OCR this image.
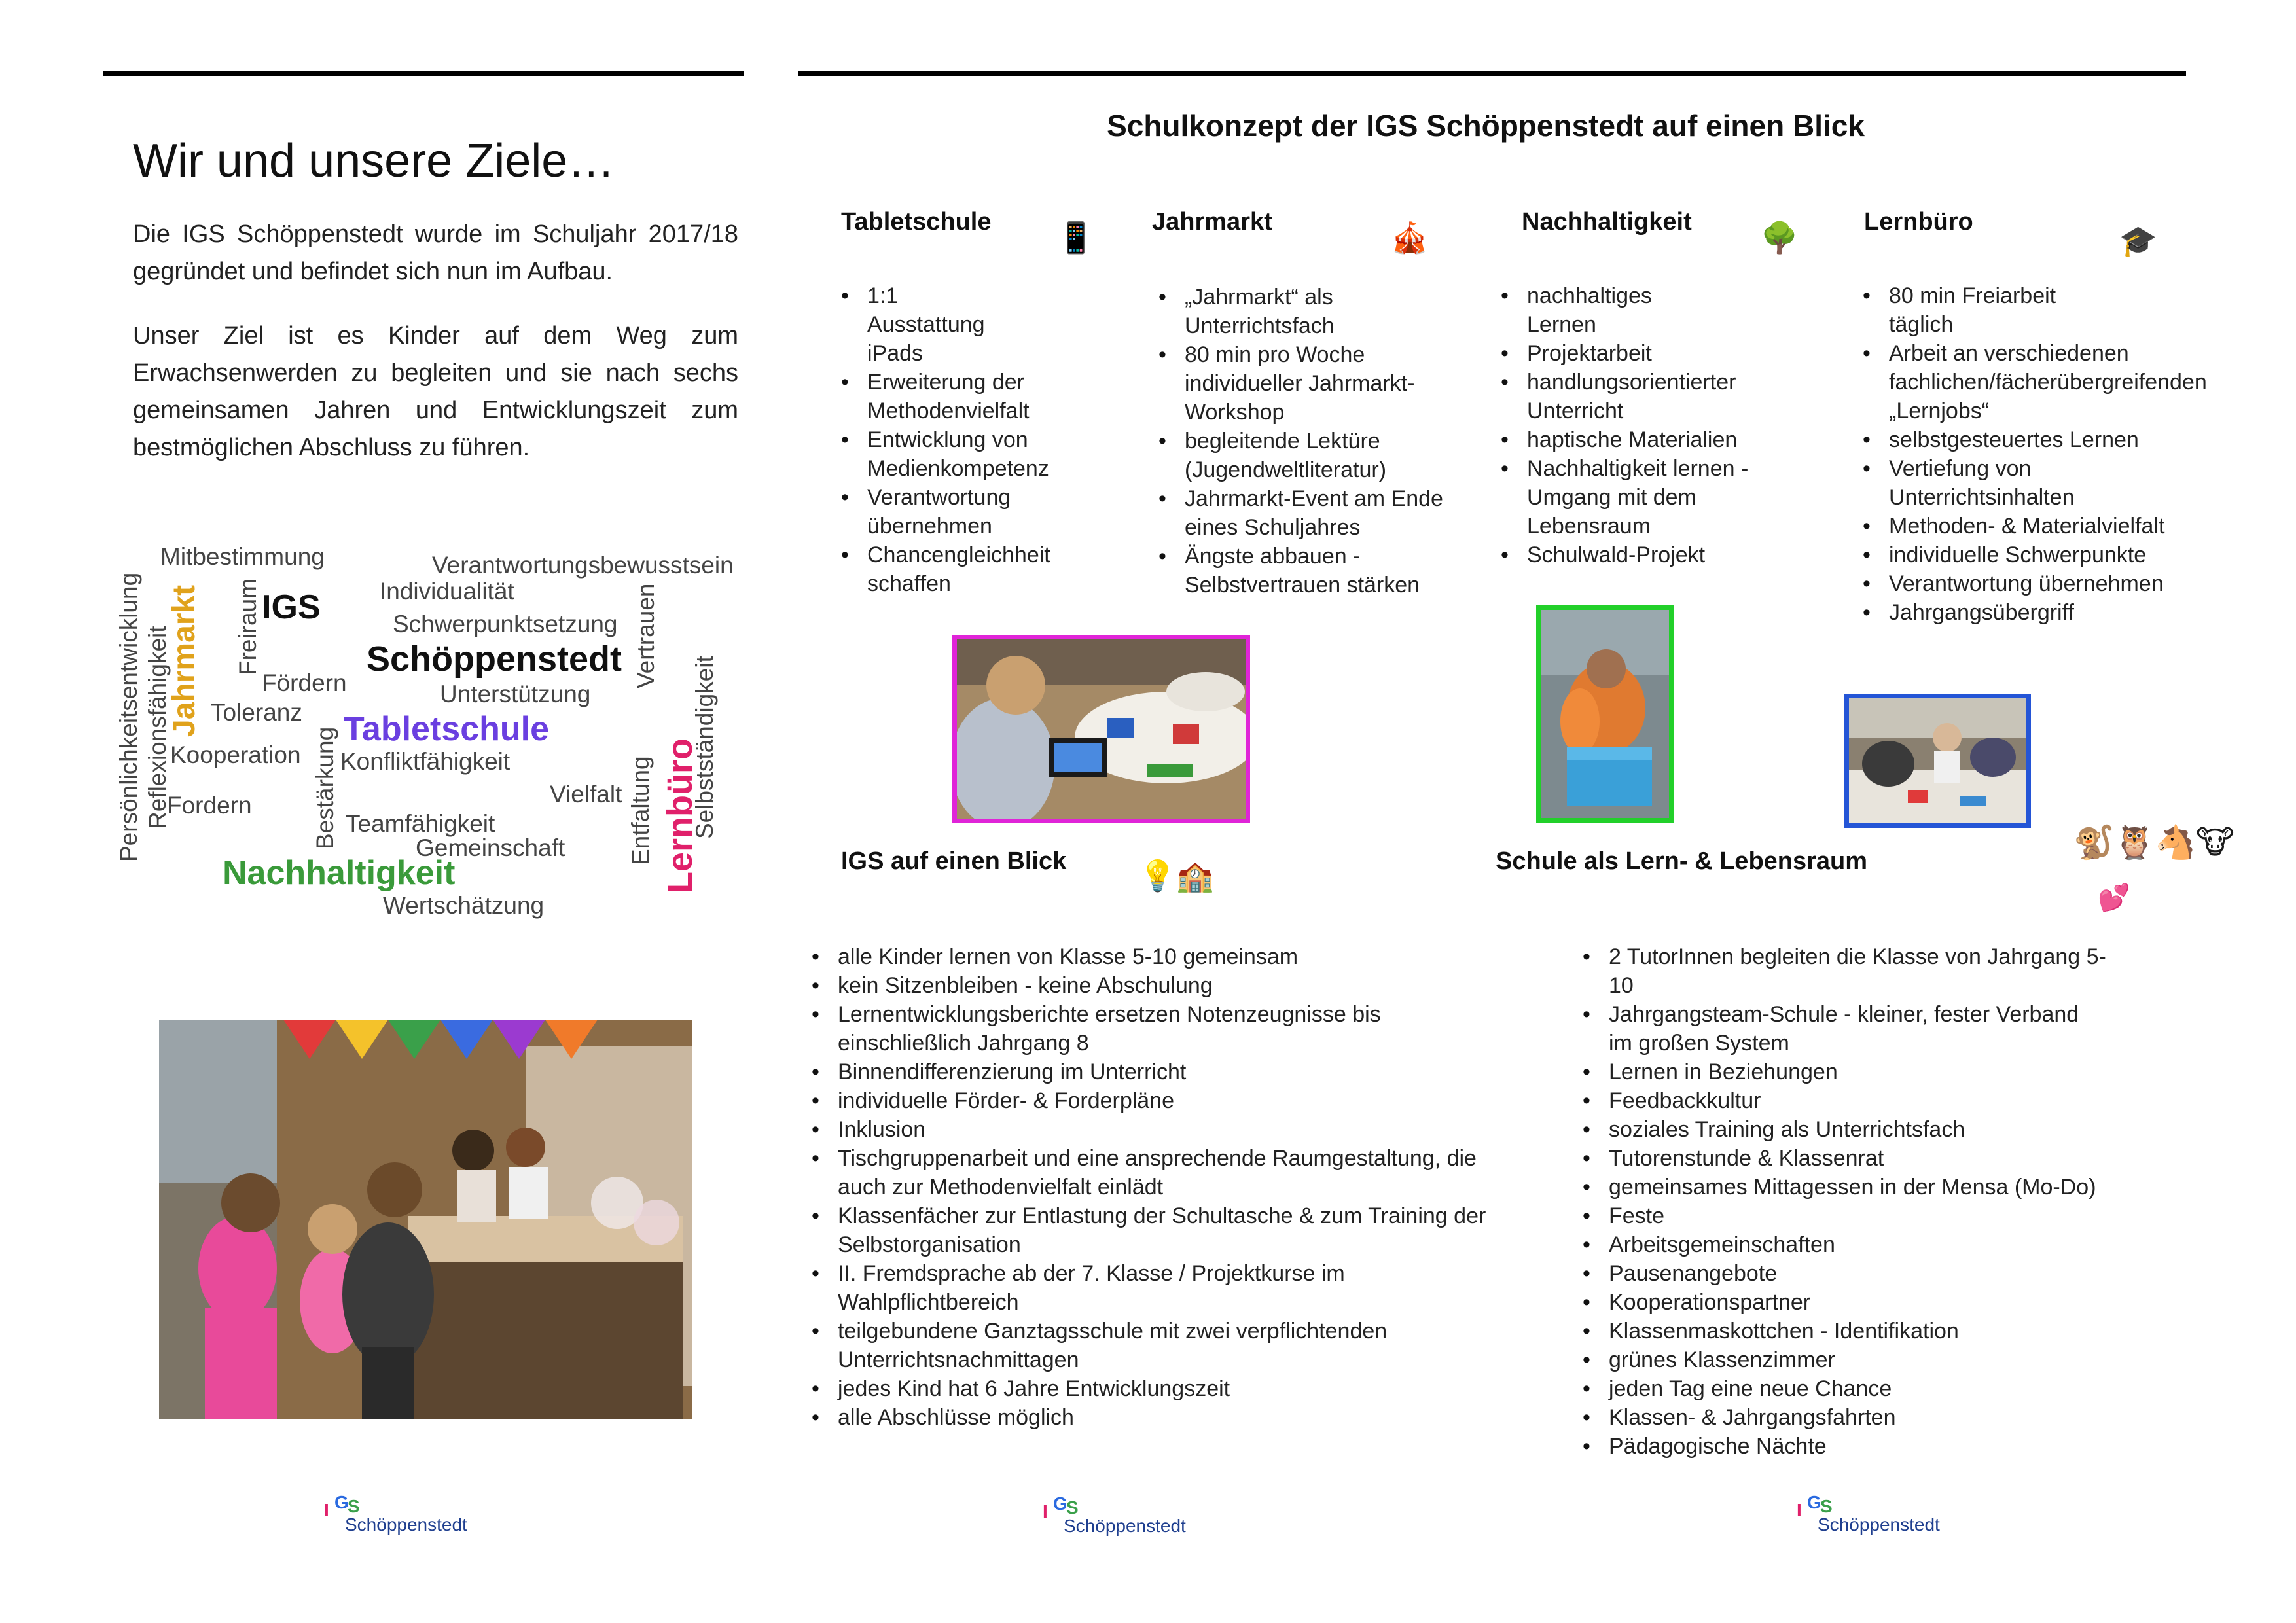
Wir und unsere Ziele…
Die IGS Schöppenstedt wurde im Schuljahr 2017/18 gegründet und befindet sich nun im Aufbau.
Unser Ziel ist es Kinder auf dem Weg zum Erwachsenwerden zu begleiten und sie nach sechs gemeinsamen Jahren und Entwicklungszeit zum bestmöglichen Abschluss zu führen.
Mitbestimmung	Verantwortungsbewusstsein
Individualität
IGS	Schwerpunktsetzung
Schöppenstedt
Fördern	Unterstützung
Toleranz Tabletschule
Kooperation Konfliktfähigkeit
Vielfalt
Fordern
Teamfähigkeit
Gemeinschaft
Nachhaltigkeit
Wertschätzung
Persönlichkeitsentwicklung Reflexionsfähigkeit
Jahrmarkt Freiraum
Bestärkung
Vertrauen
Entfaltung Lernbüro
Selbstständigkeit
Schulkonzept der IGS Schöppenstedt auf einen Blick
Tabletschule 📱
• 1:1 Ausstattung iPads
• Erweiterung der Methodenvielfalt
• Entwicklung von Medienkompetenz
• Verantwortung übernehmen
• Chancengleichheit schaffen
Jahrmarkt	🎪
• „Jahrmarkt“ als Unterrichtsfach
• 80 min pro Woche individueller Jahrmarkt-Workshop
• begleitende Lektüre (Jugendweltliteratur)
• Jahrmarkt-Event am Ende eines Schuljahres
• Ängste abbauen - Selbstvertrauen stärken
Nachhaltigkeit 🌳
• nachhaltiges Lernen
• Projektarbeit
• handlungsorientierter Unterricht
• haptische Materialien
• Nachhaltigkeit lernen - Umgang mit dem Lebensraum
• Schulwald-Projekt
Lernbüro
🎓
• 80 min Freiarbeit täglich
• Arbeit an verschiedenen fachlichen/fächerübergreifenden „Lernjobs“
• selbstgesteuertes Lernen
• Vertiefung von Unterrichtsinhalten
• Methoden- & Materialvielfalt
• individuelle Schwerpunkte
• Verantwortung übernehmen
• Jahrgangsübergriff
IGS auf einen Blick 💡🏫
• alle Kinder lernen von Klasse 5-10 gemeinsam
• kein Sitzenbleiben - keine Abschulung
• Lernentwicklungsberichte ersetzen Notenzeugnisse bis einschließlich Jahrgang 8
• Binnendifferenzierung im Unterricht
• individuelle Förder- & Forderpläne
• Inklusion
• Tischgruppenarbeit und eine ansprechende Raumgestaltung, die auch zur Methodenvielfalt einlädt
• Klassenfächer zur Entlastung der Schultasche & zum Training der Selbstorganisation
• II. Fremdsprache ab der 7. Klasse / Projektkurse im Wahlpflichtbereich
• teilgebundene Ganztagsschule mit zwei verpflichtenden Unterrichtsnachmittagen
• jedes Kind hat 6 Jahre Entwicklungszeit
• alle Abschlüsse möglich
Schule als Lern- & Lebensraum
🐒🦉🐴🐮
💕
• 2 TutorInnen begleiten die Klasse von Jahrgang 5-10
• Jahrgangsteam-Schule - kleiner, fester Verband im großen System
• Lernen in Beziehungen
• Feedbackkultur
• soziales Training als Unterrichtsfach
• Tutorenstunde & Klassenrat
• gemeinsames Mittagessen in der Mensa (Mo-Do)
• Feste
• Arbeitsgemeinschaften
• Pausenangebote
• Kooperationspartner
• Klassenmaskottchen - Identifikation
• grünes Klassenzimmer
• jeden Tag eine neue Chance
• Klassen- & Jahrgangsfahrten
• Pädagogische Nächte
I G
S
Schöppenstedt
I G
S
Schöppenstedt
I G
S
Schöppenstedt
